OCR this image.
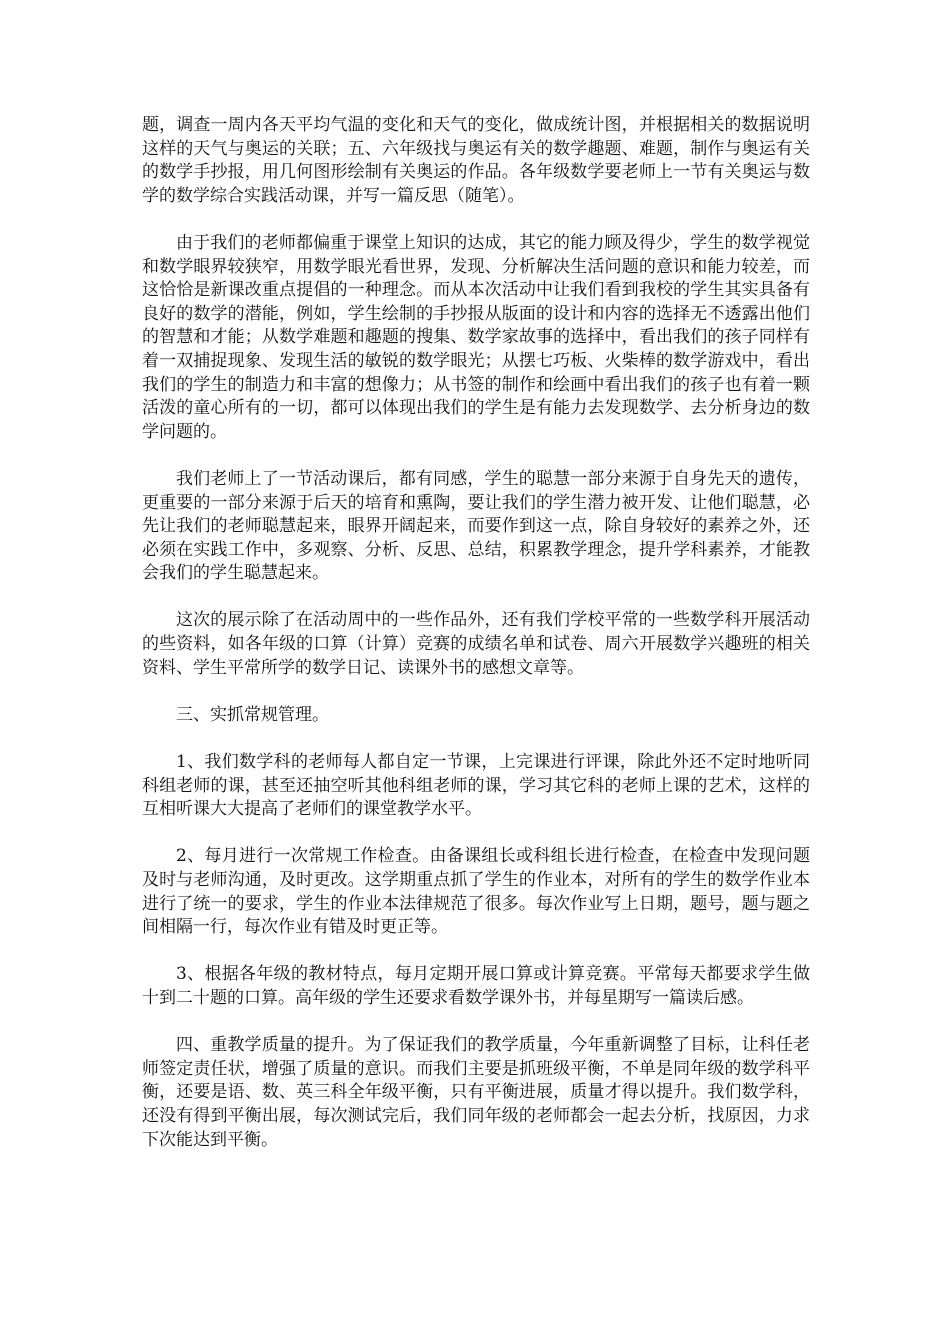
题，调查一周内各天平均气温的变化和天气的变化，做成统计图，并根据相关的数据说明这样的天气与奥运的关联；五、六年级找与奥运有关的数学趣题、难题，制作与奥运有关的数学手抄报，用几何图形绘制有关奥运的作品。各年级数学要老师上一节有关奥运与数学的数学综合实践活动课，并写一篇反思（随笔）。

由于我们的老师都偏重于课堂上知识的达成，其它的能力顾及得少，学生的数学视觉和数学眼界较狭窄，用数学眼光看世界，发现、分析解决生活问题的意识和能力较差，而这恰恰是新课改重点提倡的一种理念。而从本次活动中让我们看到我校的学生其实具备有良好的数学的潜能，例如，学生绘制的手抄报从版面的设计和内容的选择无不透露出他们的智慧和才能；从数学难题和趣题的搜集、数学家故事的选择中，看出我们的孩子同样有着一双捕捉现象、发现生活的敏锐的数学眼光；从摆七巧板、火柴棒的数学游戏中，看出我们的学生的制造力和丰富的想像力；从书签的制作和绘画中看出我们的孩子也有着一颗活泼的童心所有的一切，都可以体现出我们的学生是有能力去发现数学、去分析身边的数学问题的。

我们老师上了一节活动课后，都有同感，学生的聪慧一部分来源于自身先天的遗传，更重要的一部分来源于后天的培育和熏陶，要让我们的学生潜力被开发、让他们聪慧，必先让我们的老师聪慧起来，眼界开阔起来，而要作到这一点，除自身较好的素养之外，还必须在实践工作中，多观察、分析、反思、总结，积累教学理念，提升学科素养，才能教会我们的学生聪慧起来。

这次的展示除了在活动周中的一些作品外，还有我们学校平常的一些数学科开展活动的些资料，如各年级的口算（计算）竞赛的成绩名单和试卷、周六开展数学兴趣班的相关资料、学生平常所学的数学日记、读课外书的感想文章等。

三、实抓常规管理。

1、我们数学科的老师每人都自定一节课，上完课进行评课，除此外还不定时地听同科组老师的课，甚至还抽空听其他科组老师的课，学习其它科的老师上课的艺术，这样的互相听课大大提高了老师们的课堂教学水平。

2、每月进行一次常规工作检查。由备课组长或科组长进行检查，在检查中发现问题及时与老师沟通，及时更改。这学期重点抓了学生的作业本，对所有的学生的数学作业本进行了统一的要求，学生的作业本法律规范了很多。每次作业写上日期，题号，题与题之间相隔一行，每次作业有错及时更正等。

3、根据各年级的教材特点，每月定期开展口算或计算竞赛。平常每天都要求学生做十到二十题的口算。高年级的学生还要求看数学课外书，并每星期写一篇读后感。

四、重教学质量的提升。为了保证我们的教学质量，今年重新调整了目标，让科任老师签定责任状，增强了质量的意识。而我们主要是抓班级平衡，不单是同年级的数学科平衡，还要是语、数、英三科全年级平衡，只有平衡进展，质量才得以提升。我们数学科，还没有得到平衡出展，每次测试完后，我们同年级的老师都会一起去分析，找原因，力求下次能达到平衡。
